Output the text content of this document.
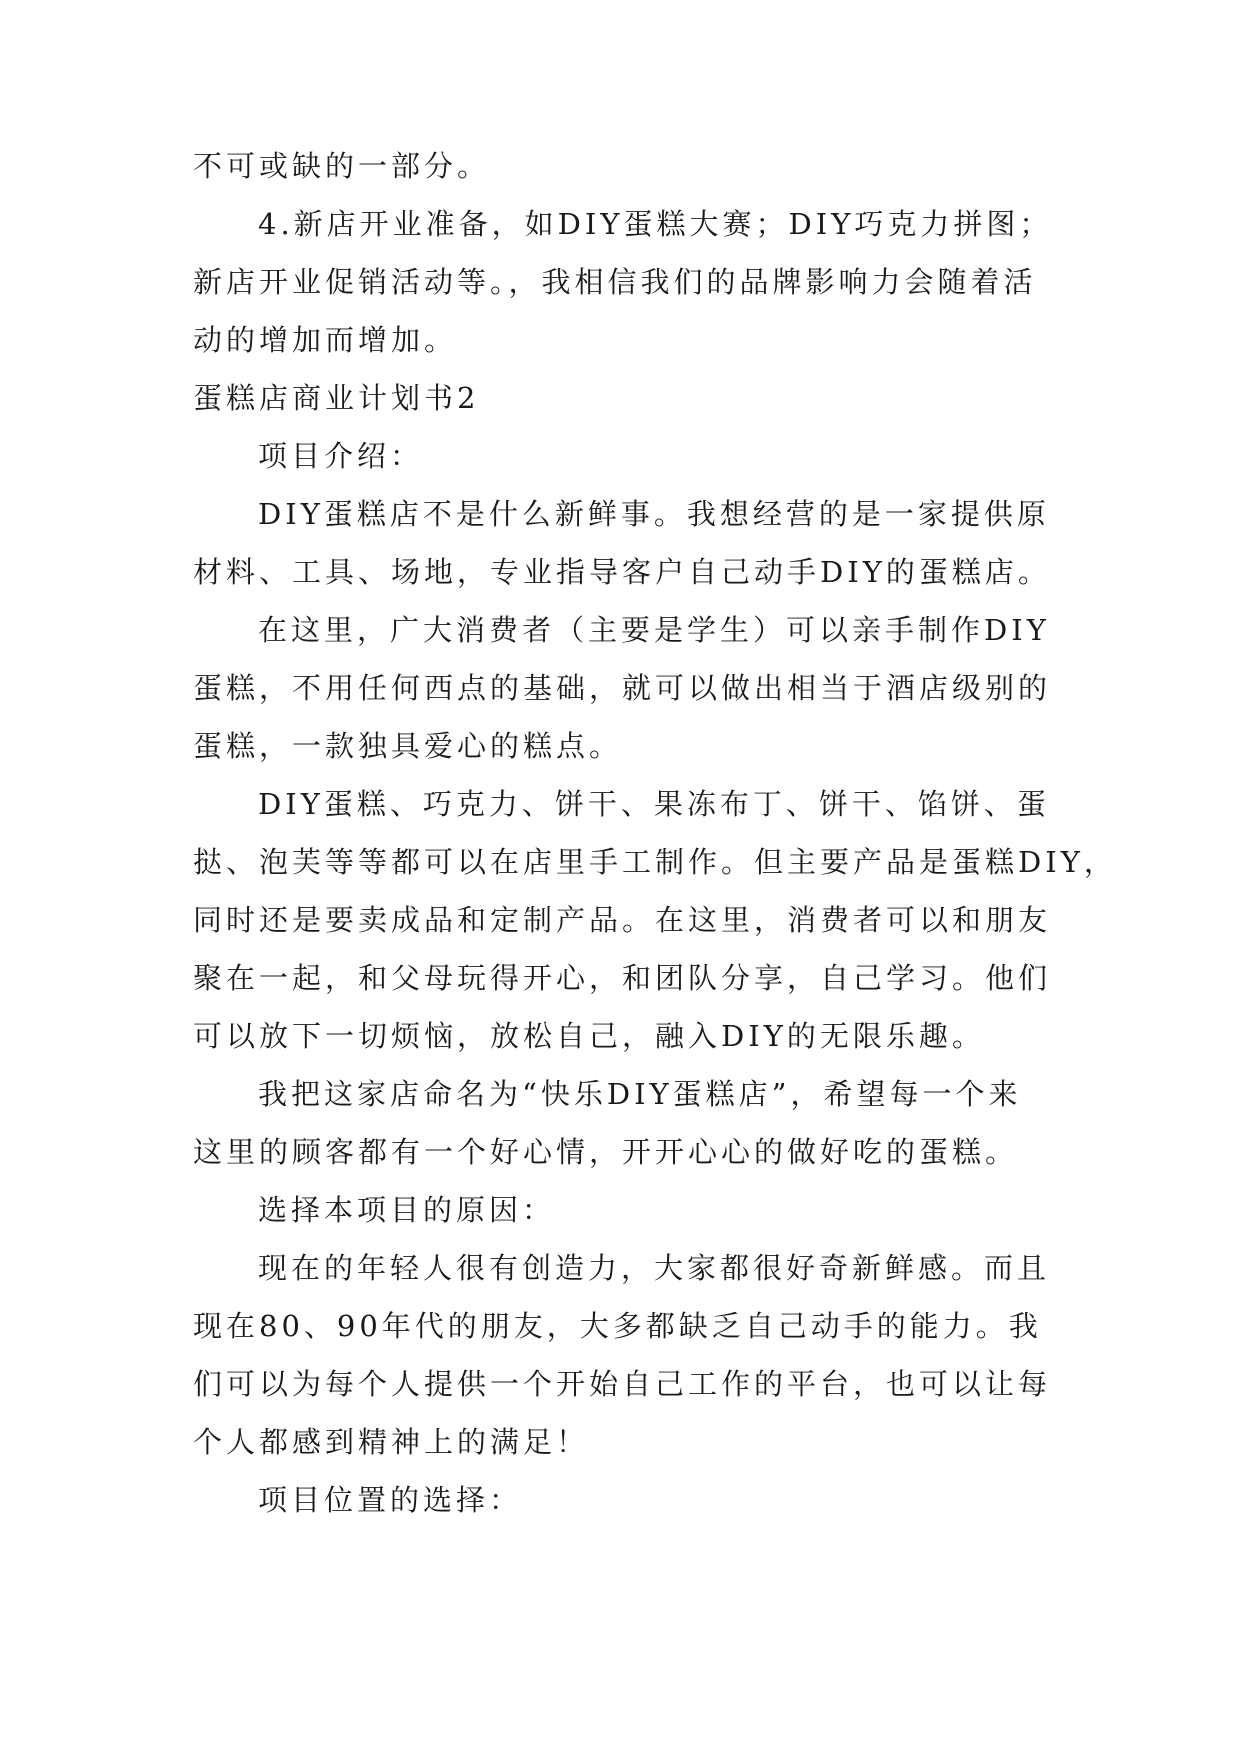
不可或缺的一部分。
4.新店开业准备，如DIY蛋糕大赛；DIY巧克力拼图；
新店开业促销活动等。，我相信我们的品牌影响力会随着活
动的增加而增加。
蛋糕店商业计划书2
项目介绍：
DIY蛋糕店不是什么新鲜事。我想经营的是一家提供原
材料、工具、场地，专业指导客户自己动手DIY的蛋糕店。
在这里，广大消费者（主要是学生）可以亲手制作DIY
蛋糕，不用任何西点的基础，就可以做出相当于酒店级别的
蛋糕，一款独具爱心的糕点。
DIY蛋糕、巧克力、饼干、果冻布丁、饼干、馅饼、蛋
挞、泡芙等等都可以在店里手工制作。但主要产品是蛋糕DIY，
同时还是要卖成品和定制产品。在这里，消费者可以和朋友
聚在一起，和父母玩得开心，和团队分享，自己学习。他们
可以放下一切烦恼，放松自己，融入DIY的无限乐趣。
我把这家店命名为“快乐DIY蛋糕店”，希望每一个来
这里的顾客都有一个好心情，开开心心的做好吃的蛋糕。
选择本项目的原因：
现在的年轻人很有创造力，大家都很好奇新鲜感。而且
现在80、90年代的朋友，大多都缺乏自己动手的能力。我
们可以为每个人提供一个开始自己工作的平台，也可以让每
个人都感到精神上的满足！
项目位置的选择：
